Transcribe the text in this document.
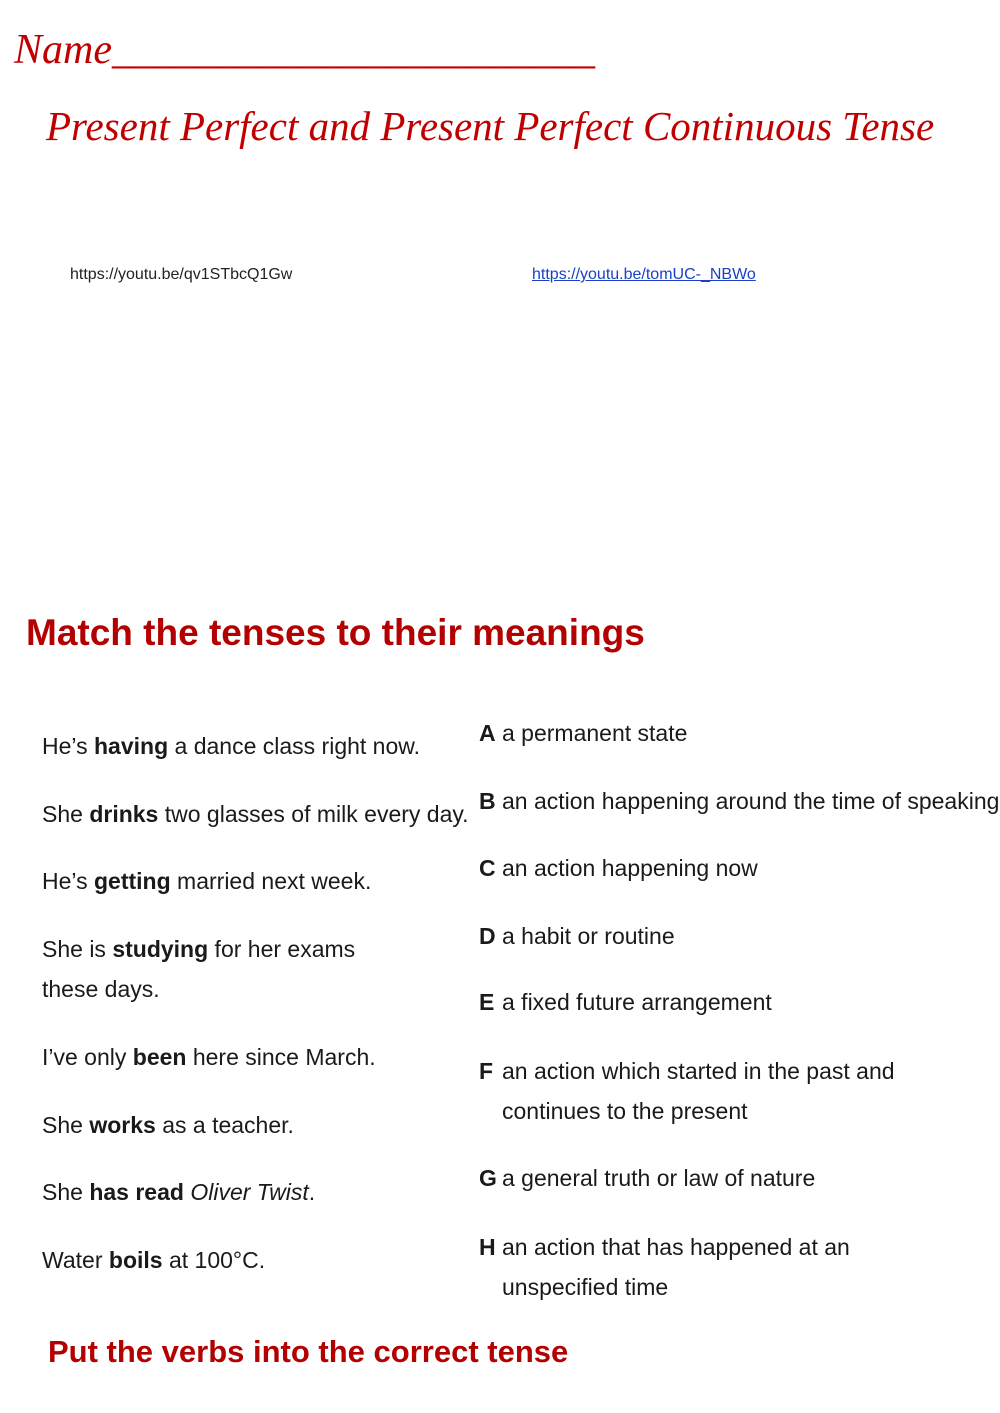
Name_______________________
Present Perfect and Present Perfect Continuous Tense
https://youtu.be/qv1STbcQ1Gw	https://youtu.be/tomUC-_NBWo
Match the tenses to their meanings
He’s having a dance class right now.
She drinks two glasses of milk every day.
He’s getting married next week.
She is studying for her exams
these days.
I’ve only been here since March.
She works as a teacher.
She has read Oliver Twist.
Water boils at 100°C.
A a permanent state
B an action happening around the time of speaking
C an action happening now
D a habit or routine
E a fixed future arrangement
F an action which started in the past and
continues to the present
G a general truth or law of nature
H an action that has happened at an
unspecified time
Put the verbs into the correct tense
